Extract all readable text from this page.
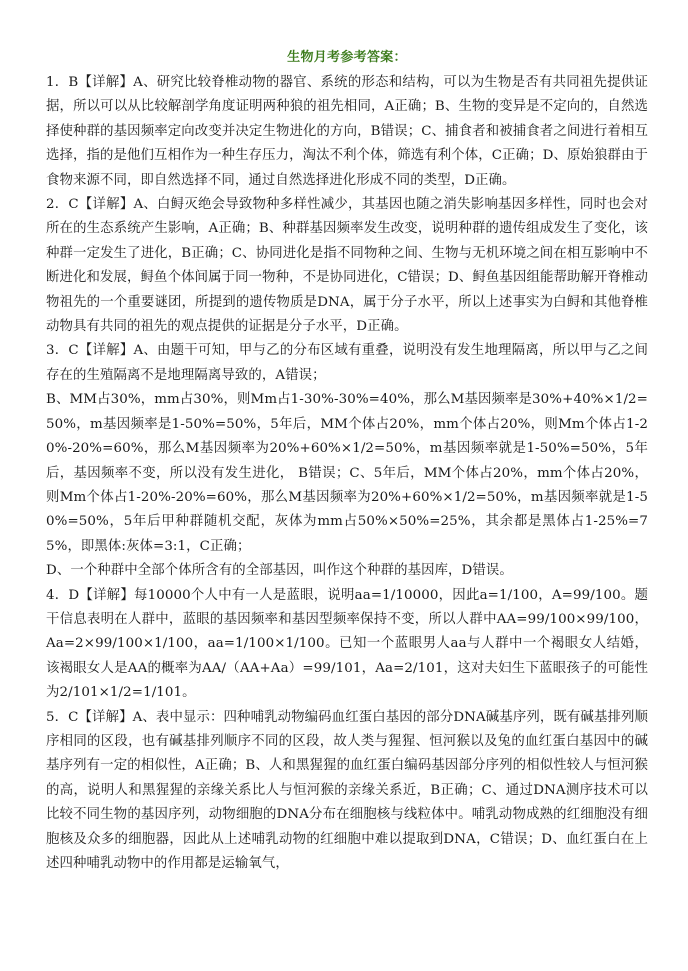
生物月考参考答案：

1．B【详解】A、研究比较脊椎动物的器官、系统的形态和结构，可以为生物是否有共同祖先提供证据，所以可以从比较解剖学角度证明两种狼的祖先相同，A正确；B、生物的变异是不定向的，自然选择使种群的基因频率定向改变并决定生物进化的方向，B错误；C、捕食者和被捕食者之间进行着相互选择，指的是他们互相作为一种生存压力，淘汰不利个体，筛选有利个体，C正确；D、原始狼群由于食物来源不同，即自然选择不同，通过自然选择进化形成不同的类型，D正确。

2．C【详解】A、白鲟灭绝会导致物种多样性减少，其基因也随之消失影响基因多样性，同时也会对所在的生态系统产生影响，A正确；B、种群基因频率发生改变，说明种群的遗传组成发生了变化，该种群一定发生了进化，B正确；C、协同进化是指不同物种之间、生物与无机环境之间在相互影响中不断进化和发展，鲟鱼个体间属于同一物种，不是协同进化，C错误；D、鲟鱼基因组能帮助解开脊椎动物祖先的一个重要谜团，所提到的遗传物质是DNA，属于分子水平，所以上述事实为白鲟和其他脊椎动物具有共同的祖先的观点提供的证据是分子水平，D正确。

3．C【详解】A、由题干可知，甲与乙的分布区域有重叠，说明没有发生地理隔离，所以甲与乙之间存在的生殖隔离不是地理隔离导致的，A错误；

B、MM占30%，mm占30%，则Mm占1-30%-30%=40%，那么M基因频率是30%+40%×1/2=50%，m基因频率是1-50%=50%，5年后，MM个体占20%，mm个体占20%，则Mm个体占1-20%-20%=60%，那么M基因频率为20%+60%×1/2=50%，m基因频率就是1-50%=50%，5年后，基因频率不变，所以没有发生进化， B错误；C、5年后，MM个体占20%，mm个体占20%，则Mm个体占1-20%-20%=60%，那么M基因频率为20%+60%×1/2=50%，m基因频率就是1-50%=50%，5年后甲种群随机交配，灰体为mm占50%×50%=25%，其余都是黑体占1-25%=75%，即黑体:灰体=3:1，C正确；

D、一个种群中全部个体所含有的全部基因，叫作这个种群的基因库，D错误。

4．D【详解】每10000个人中有一人是蓝眼，说明aa=1/10000，因此a=1/100，A=99/100。题干信息表明在人群中，蓝眼的基因频率和基因型频率保持不变，所以人群中AA=99/100×99/100，Aa=2×99/100×1/100，aa=1/100×1/100。已知一个蓝眼男人aa与人群中一个褐眼女人结婚，该褐眼女人是AA的概率为AA/（AA+Aa）=99/101，Aa=2/101，这对夫妇生下蓝眼孩子的可能性为2/101×1/2=1/101。

5．C【详解】A、表中显示：四种哺乳动物编码血红蛋白基因的部分DNA碱基序列，既有碱基排列顺序相同的区段，也有碱基排列顺序不同的区段，故人类与猩猩、恒河猴以及兔的血红蛋白基因中的碱基序列有一定的相似性，A正确；B、人和黑猩猩的血红蛋白编码基因部分序列的相似性较人与恒河猴的高，说明人和黑猩猩的亲缘关系比人与恒河猴的亲缘关系近，B正确；C、通过DNA测序技术可以比较不同生物的基因序列，动物细胞的DNA分布在细胞核与线粒体中。哺乳动物成熟的红细胞没有细胞核及众多的细胞器，因此从上述哺乳动物的红细胞中难以提取到DNA，C错误；D、血红蛋白在上述四种哺乳动物中的作用都是运输氧气，
